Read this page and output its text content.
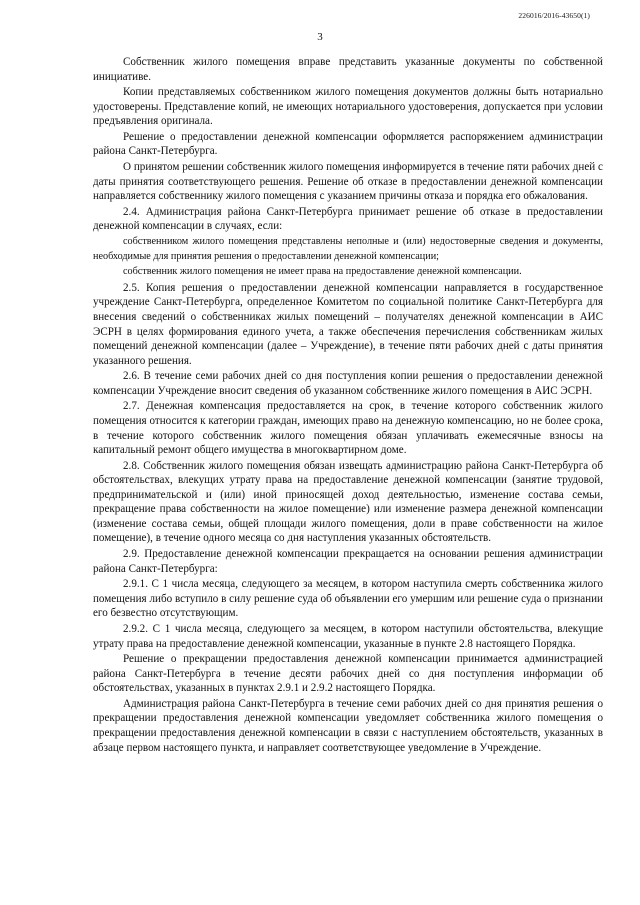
226016/2016-43650(1)
3

Собственник жилого помещения вправе представить указанные документы по собственной инициативе.

Копии представляемых собственником жилого помещения документов должны быть нотариально удостоверены. Представление копий, не имеющих нотариального удостоверения, допускается при условии предъявления оригинала.

Решение о предоставлении денежной компенсации оформляется распоряжением администрации района Санкт-Петербурга.

О принятом решении собственник жилого помещения информируется в течение пяти рабочих дней с даты принятия соответствующего решения. Решение об отказе в предоставлении денежной компенсации направляется собственнику жилого помещения с указанием причины отказа и порядка его обжалования.

2.4. Администрация района Санкт-Петербурга принимает решение об отказе в предоставлении денежной компенсации в случаях, если:

собственником жилого помещения представлены неполные и (или) недостоверные сведения и документы, необходимые для принятия решения о предоставлении денежной компенсации;

собственник жилого помещения не имеет права на предоставление денежной компенсации.

2.5. Копия решения о предоставлении денежной компенсации направляется в государственное учреждение Санкт-Петербурга, определенное Комитетом по социальной политике Санкт-Петербурга для внесения сведений о собственниках жилых помещений – получателях денежной компенсации в АИС ЭСРН в целях формирования единого учета, а также обеспечения перечисления собственникам жилых помещений денежной компенсации (далее – Учреждение), в течение пяти рабочих дней с даты принятия указанного решения.

2.6. В течение семи рабочих дней со дня поступления копии решения о предоставлении денежной компенсации Учреждение вносит сведения об указанном собственнике жилого помещения в АИС ЭСРН.

2.7. Денежная компенсация предоставляется на срок, в течение которого собственник жилого помещения относится к категории граждан, имеющих право на денежную компенсацию, но не более срока, в течение которого собственник жилого помещения обязан уплачивать ежемесячные взносы на капитальный ремонт общего имущества в многоквартирном доме.

2.8. Собственник жилого помещения обязан извещать администрацию района Санкт-Петербурга об обстоятельствах, влекущих утрату права на предоставление денежной компенсации (занятие трудовой, предпринимательской и (или) иной приносящей доход деятельностью, изменение состава семьи, прекращение права собственности на жилое помещение) или изменение размера денежной компенсации (изменение состава семьи, общей площади жилого помещения, доли в праве собственности на жилое помещение), в течение одного месяца со дня наступления указанных обстоятельств.

2.9. Предоставление денежной компенсации прекращается на основании решения администрации района Санкт-Петербурга:

2.9.1. С 1 числа месяца, следующего за месяцем, в котором наступила смерть собственника жилого помещения либо вступило в силу решение суда об объявлении его умершим или решение суда о признании его безвестно отсутствующим.

2.9.2. С 1 числа месяца, следующего за месяцем, в котором наступили обстоятельства, влекущие утрату права на предоставление денежной компенсации, указанные в пункте 2.8 настоящего Порядка.

Решение о прекращении предоставления денежной компенсации принимается администрацией района Санкт-Петербурга в течение десяти рабочих дней со дня поступления информации об обстоятельствах, указанных в пунктах 2.9.1 и 2.9.2 настоящего Порядка.

Администрация района Санкт-Петербурга в течение семи рабочих дней со дня принятия решения о прекращении предоставления денежной компенсации уведомляет собственника жилого помещения о прекращении предоставления денежной компенсации в связи с наступлением обстоятельств, указанных в абзаце первом настоящего пункта, и направляет соответствующее уведомление в Учреждение.
